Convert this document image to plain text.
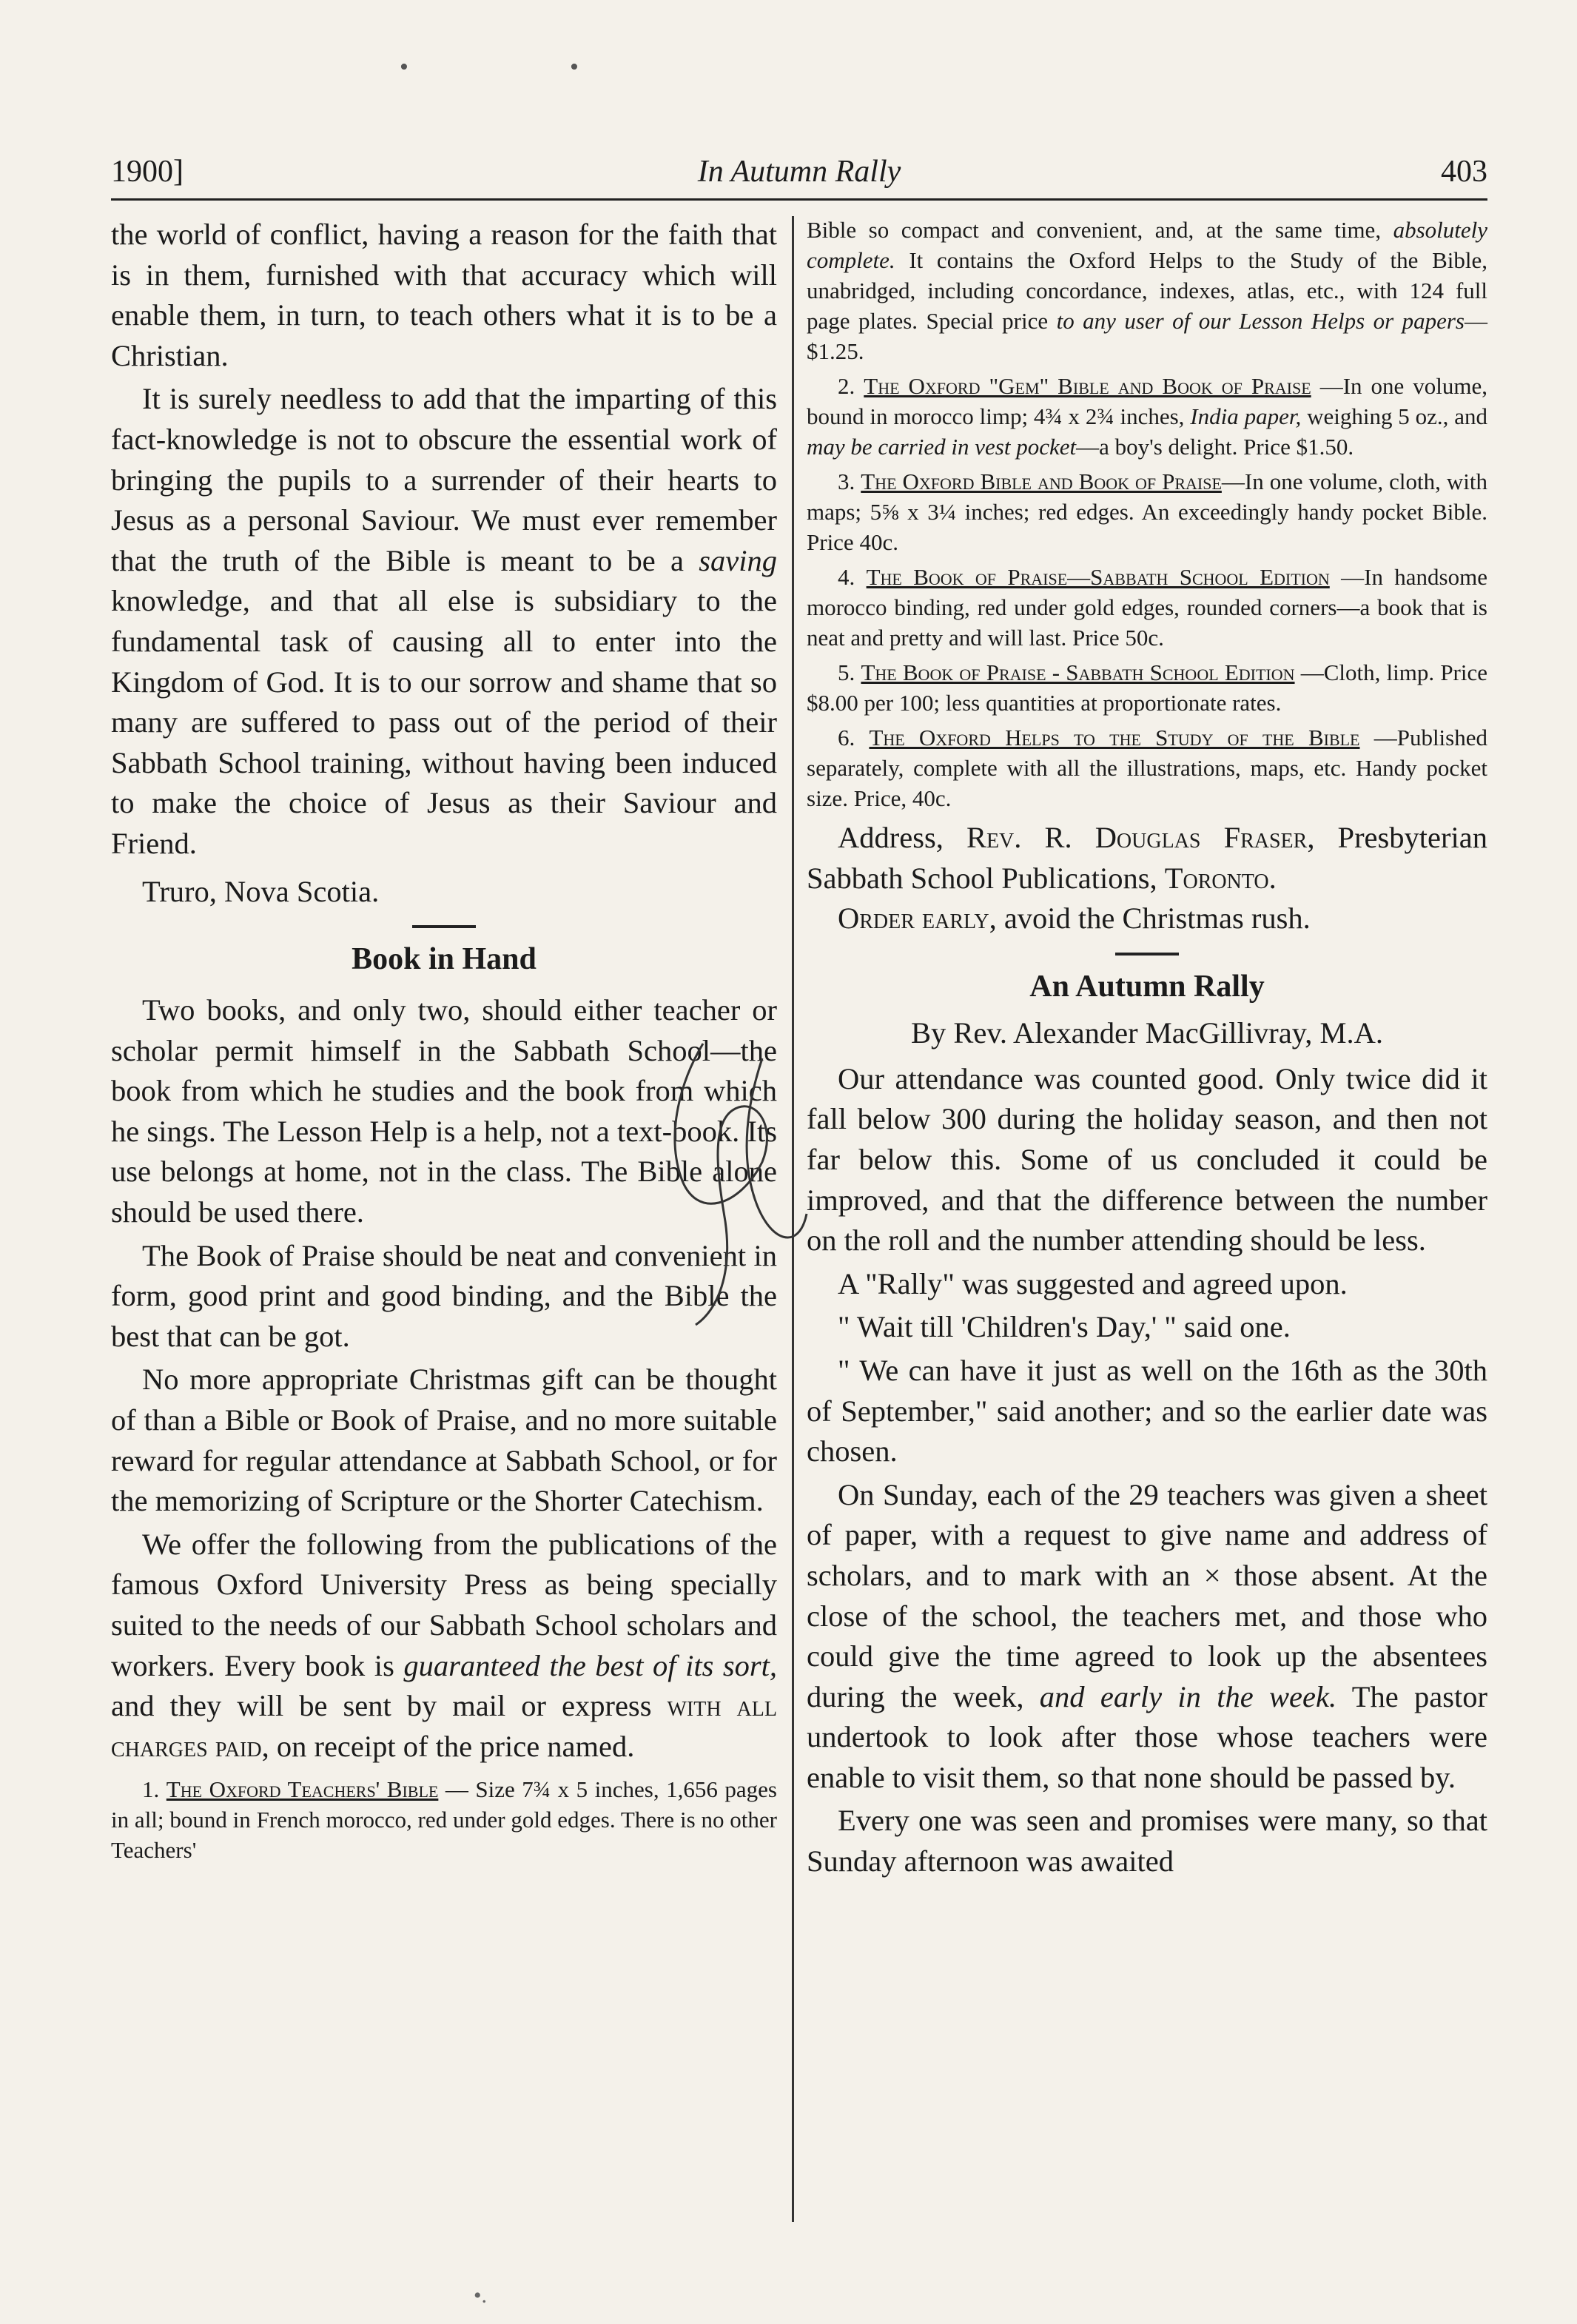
•	•
1900]	In Autumn Rally	403

the world of conflict, having a reason for the faith that is in them, furnished with that accuracy which will enable them, in turn, to teach others what it is to be a Christian.

It is surely needless to add that the imparting of this fact-knowledge is not to obscure the essential work of bringing the pupils to a surrender of their hearts to Jesus as a personal Saviour. We must ever remember that the truth of the Bible is meant to be a saving knowledge, and that all else is subsidiary to the fundamental task of causing all to enter into the Kingdom of God. It is to our sorrow and shame that so many are suffered to pass out of the period of their Sabbath School training, without having been induced to make the choice of Jesus as their Saviour and Friend.

Truro, Nova Scotia.

Book in Hand

Two books, and only two, should either teacher or scholar permit himself in the Sabbath School—the book from which he studies and the book from which he sings. The Lesson Help is a help, not a text-book. Its use belongs at home, not in the class. The Bible alone should be used there.

The Book of Praise should be neat and convenient in form, good print and good binding, and the Bible the best that can be got.

No more appropriate Christmas gift can be thought of than a Bible or Book of Praise, and no more suitable reward for regular attendance at Sabbath School, or for the memorizing of Scripture or the Shorter Catechism.

We offer the following from the publications of the famous Oxford University Press as being specially suited to the needs of our Sabbath School scholars and workers. Every book is guaranteed the best of its sort, and they will be sent by mail or express with all charges paid, on receipt of the price named.

1. The Oxford Teachers' Bible — Size 7¾ x 5 inches, 1,656 pages in all; bound in French morocco, red under gold edges. There is no other Teachers'

Bible so compact and convenient, and, at the same time, absolutely complete. It contains the Oxford Helps to the Study of the Bible, unabridged, including concordance, indexes, atlas, etc., with 124 full page plates. Special price to any user of our Lesson Helps or papers—$1.25.

2. The Oxford "Gem" Bible and Book of Praise —In one volume, bound in morocco limp; 4¾ x 2¾ inches, India paper, weighing 5 oz., and may be carried in vest pocket—a boy's delight. Price $1.50.

3. The Oxford Bible and Book of Praise—In one volume, cloth, with maps; 5⅝ x 3¼ inches; red edges. An exceedingly handy pocket Bible. Price 40c.

4. The Book of Praise—Sabbath School Edition —In handsome morocco binding, red under gold edges, rounded corners—a book that is neat and pretty and will last. Price 50c.

5. The Book of Praise - Sabbath School Edition —Cloth, limp. Price $8.00 per 100; less quantities at proportionate rates.

6. The Oxford Helps to the Study of the Bible —Published separately, complete with all the illustrations, maps, etc. Handy pocket size. Price, 40c.

Address, Rev. R. Douglas Fraser, Presbyterian Sabbath School Publications, Toronto.

Order early, avoid the Christmas rush.

An Autumn Rally
By Rev. Alexander MacGillivray, M.A.

Our attendance was counted good. Only twice did it fall below 300 during the holiday season, and then not far below this. Some of us concluded it could be improved, and that the difference between the number on the roll and the number attending should be less.

A "Rally" was suggested and agreed upon.

" Wait till 'Children's Day,' " said one.

" We can have it just as well on the 16th as the 30th of September," said another; and so the earlier date was chosen.

On Sunday, each of the 29 teachers was given a sheet of paper, with a request to give name and address of scholars, and to mark with an × those absent. At the close of the school, the teachers met, and those who could give the time agreed to look up the absentees during the week, and early in the week. The pastor undertook to look after those whose teachers were enable to visit them, so that none should be passed by.

Every one was seen and promises were many, so that Sunday afternoon was awaited

•.
